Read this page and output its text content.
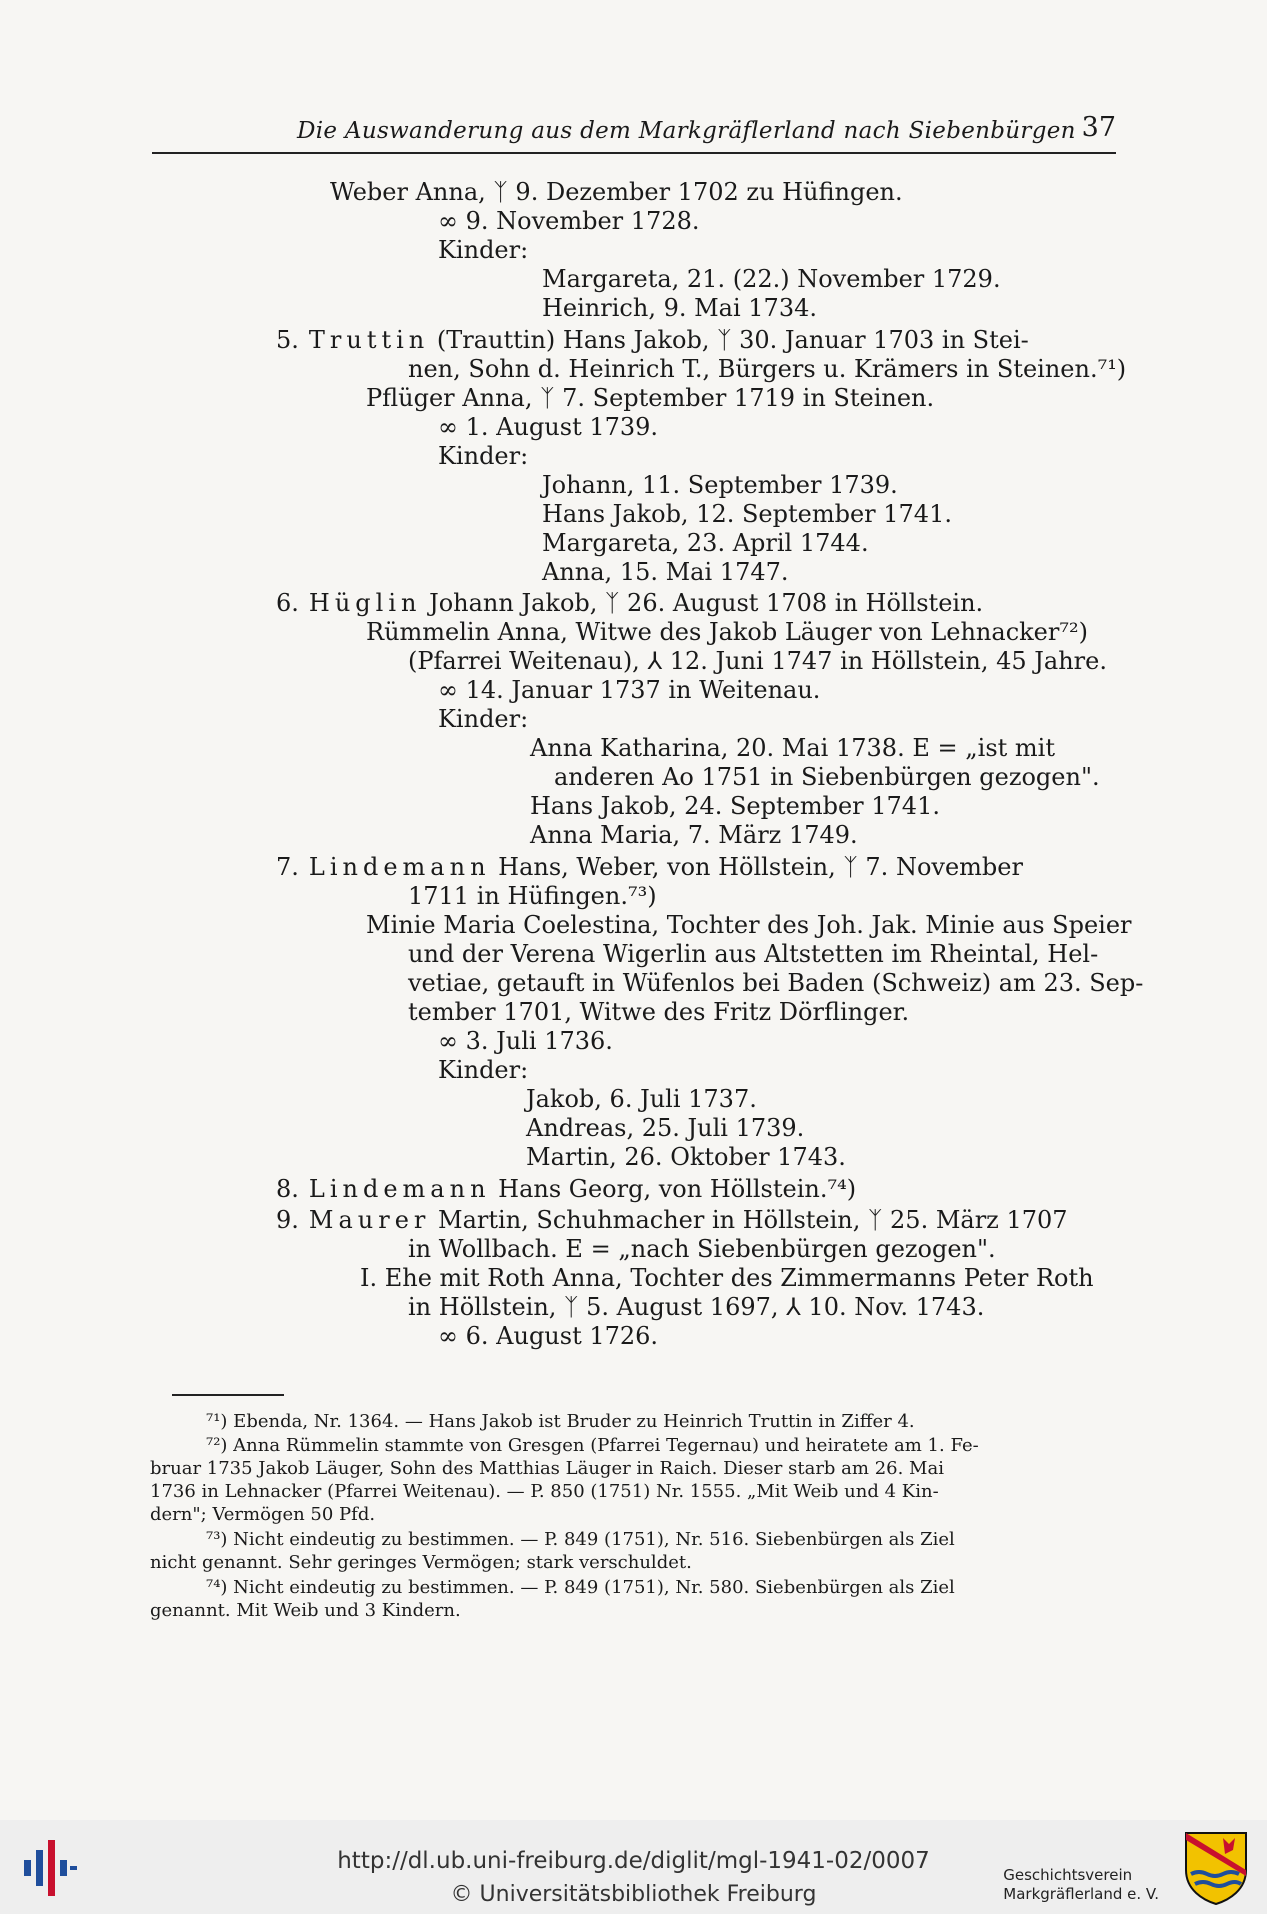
Die Auswanderung aus dem Markgräflerland nach Siebenbürgen 37
Weber Anna, ᛉ 9. Dezember 1702 zu Hüfingen.
∞ 9. November 1728.
Kinder:
Margareta, 21. (22.) November 1729.
Heinrich, 9. Mai 1734.
5. Truttin (Trauttin) Hans Jakob, ᛉ 30. Januar 1703 in Stei-
nen, Sohn d. Heinrich T., Bürgers u. Krämers in Steinen.⁷¹)
Pflüger Anna, ᛉ 7. September 1719 in Steinen.
∞ 1. August 1739.
Kinder:
Johann, 11. September 1739.
Hans Jakob, 12. September 1741.
Margareta, 23. April 1744.
Anna, 15. Mai 1747.
6. Hüglin Johann Jakob, ᛉ 26. August 1708 in Höllstein.
Rümmelin Anna, Witwe des Jakob Läuger von Lehnacker⁷²)
(Pfarrei Weitenau), ⅄ 12. Juni 1747 in Höllstein, 45 Jahre.
∞ 14. Januar 1737 in Weitenau.
Kinder:
Anna Katharina, 20. Mai 1738. E = „ist mit
anderen Ao 1751 in Siebenbürgen gezogen".
Hans Jakob, 24. September 1741.
Anna Maria, 7. März 1749.
7. Lindemann Hans, Weber, von Höllstein, ᛉ 7. November
1711 in Hüfingen.⁷³)
Minie Maria Coelestina, Tochter des Joh. Jak. Minie aus Speier
und der Verena Wigerlin aus Altstetten im Rheintal, Hel-
vetiae, getauft in Wüfenlos bei Baden (Schweiz) am 23. Sep-
tember 1701, Witwe des Fritz Dörflinger.
∞ 3. Juli 1736.
Kinder:
Jakob, 6. Juli 1737.
Andreas, 25. Juli 1739.
Martin, 26. Oktober 1743.
8. Lindemann Hans Georg, von Höllstein.⁷⁴)
9. Maurer Martin, Schuhmacher in Höllstein, ᛉ 25. März 1707
in Wollbach. E = „nach Siebenbürgen gezogen".
I. Ehe mit Roth Anna, Tochter des Zimmermanns Peter Roth
in Höllstein, ᛉ 5. August 1697, ⅄ 10. Nov. 1743.
∞ 6. August 1726.
⁷¹) Ebenda, Nr. 1364. — Hans Jakob ist Bruder zu Heinrich Truttin in Ziffer 4.
⁷²) Anna Rümmelin stammte von Gresgen (Pfarrei Tegernau) und heiratete am 1. Fe-
bruar 1735 Jakob Läuger, Sohn des Matthias Läuger in Raich. Dieser starb am 26. Mai
1736 in Lehnacker (Pfarrei Weitenau). — P. 850 (1751) Nr. 1555. „Mit Weib und 4 Kin-
dern"; Vermögen 50 Pfd.
⁷³) Nicht eindeutig zu bestimmen. — P. 849 (1751), Nr. 516. Siebenbürgen als Ziel
nicht genannt. Sehr geringes Vermögen; stark verschuldet.
⁷⁴) Nicht eindeutig zu bestimmen. — P. 849 (1751), Nr. 580. Siebenbürgen als Ziel
genannt. Mit Weib und 3 Kindern.
http://dl.ub.uni-freiburg.de/diglit/mgl-1941-02/0007
© Universitätsbibliothek Freiburg
Geschichtsverein
Markgräflerland e. V.
